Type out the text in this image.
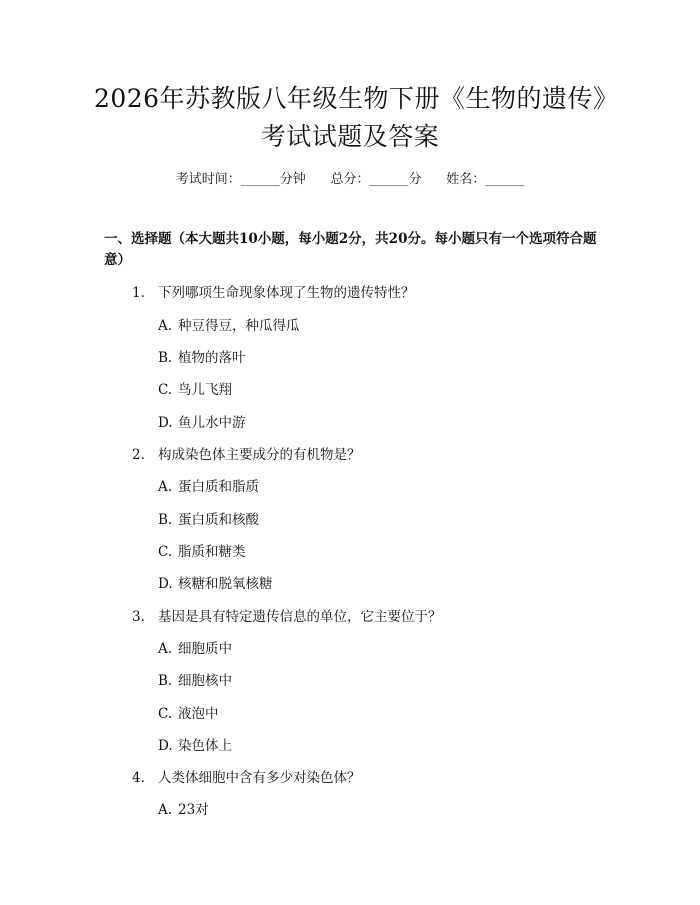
2026年苏教版八年级生物下册《生物的遗传》考试试题及答案
考试时间：______分钟      总分：______分      姓名：______
一、选择题（本大题共10小题，每小题2分，共20分。每小题只有一个选项符合题意）
1. 下列哪项生命现象体现了生物的遗传特性？
A. 种豆得豆，种瓜得瓜
B. 植物的落叶
C. 鸟儿飞翔
D. 鱼儿水中游
2. 构成染色体主要成分的有机物是？
A. 蛋白质和脂质
B. 蛋白质和核酸
C. 脂质和糖类
D. 核糖和脱氧核糖
3. 基因是具有特定遗传信息的单位，它主要位于？
A. 细胞质中
B. 细胞核中
C. 液泡中
D. 染色体上
4. 人类体细胞中含有多少对染色体？
A. 23对
